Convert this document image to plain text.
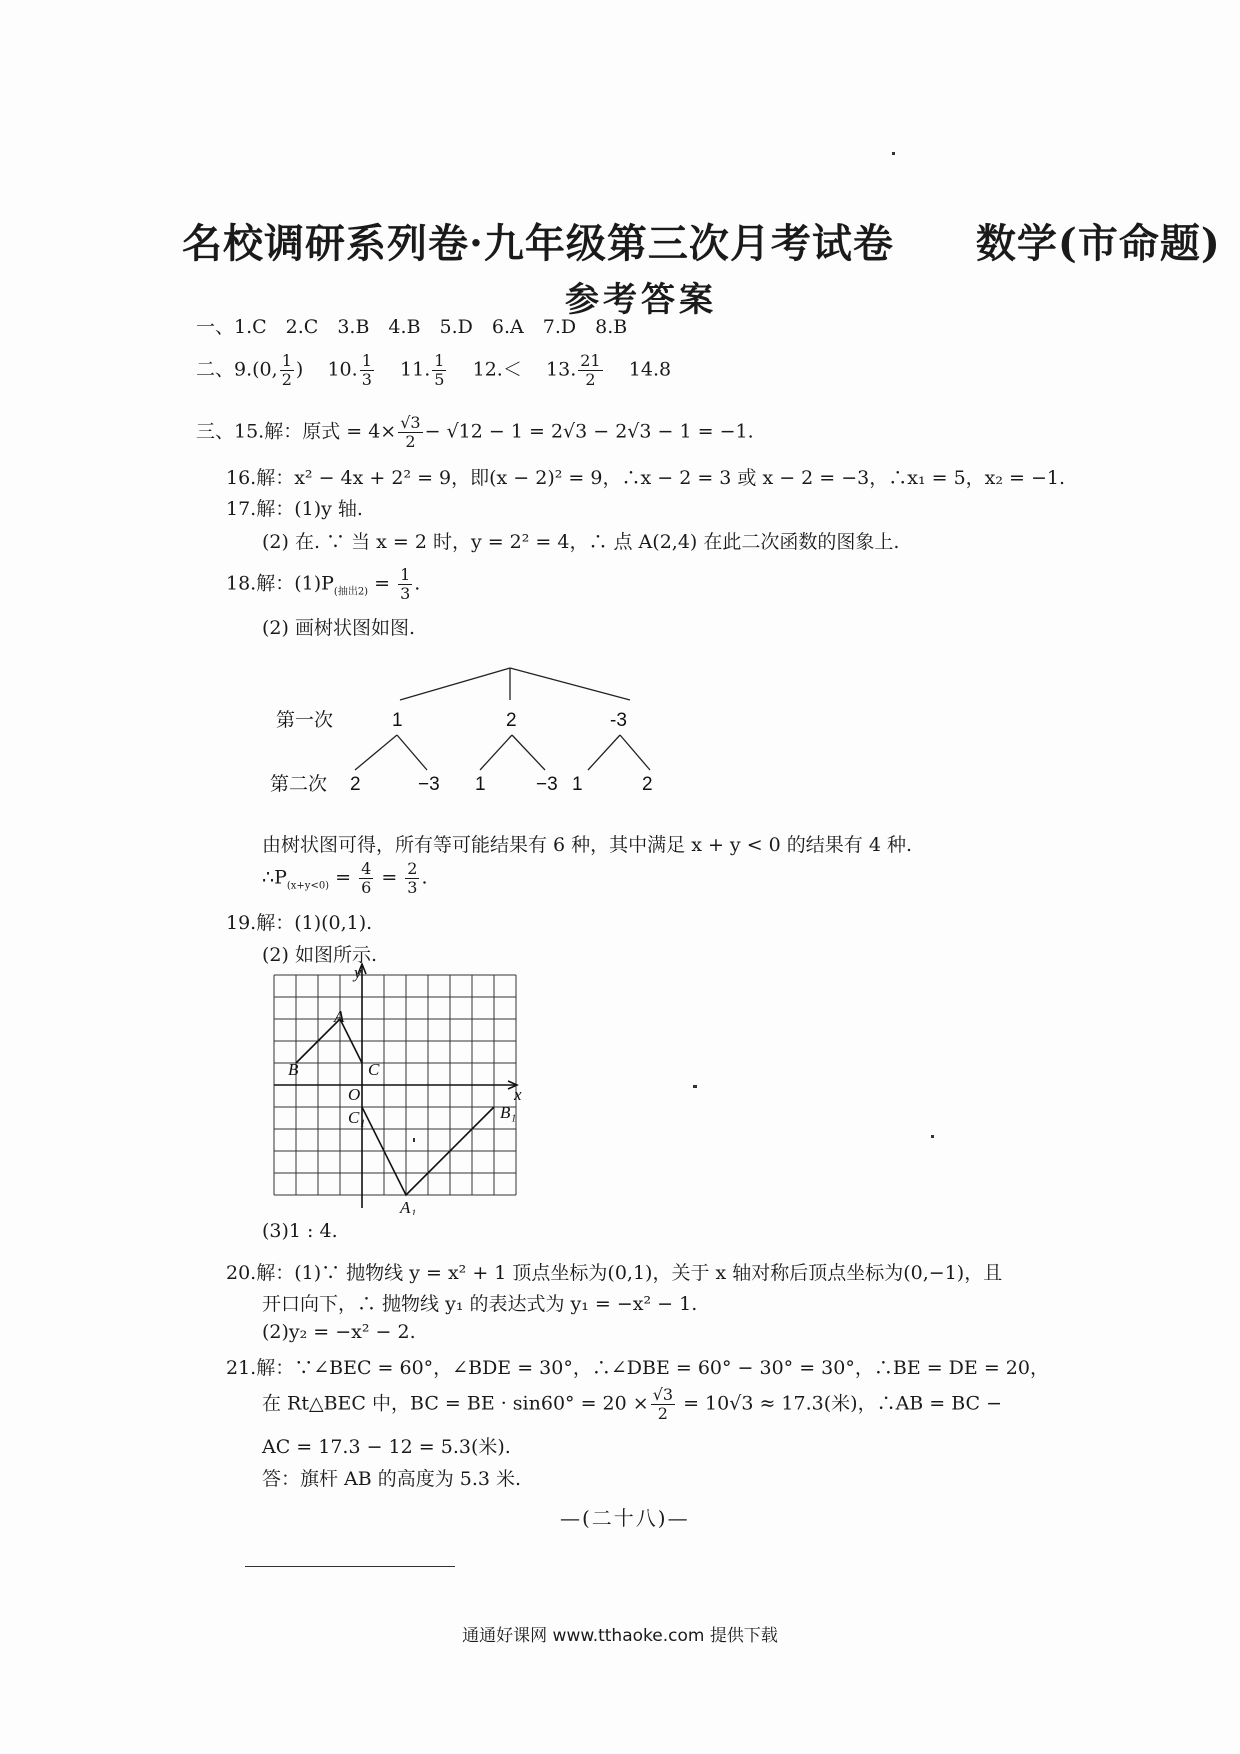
名校调研系列卷·九年级第三次月考试卷　　数学(市命题)
参考答案
一、1.C　2.C　3.B　4.B　5.D　6.A　7.D　8.B
二、9.(0, $\frac{1}{2}$ ) 10. $\frac{1}{3} 11$. $\frac{1}{5} 12.< 13$. $\frac{21}{2} 14.8$
三、15.解：原式 = $4\times \frac{√3}{2} - √12 - 1 = 2√3 - 2√3 - 1 = -1$.
16.解：x² − 4x + 2² = 9，即(x − 2)² = 9，∴x − 2 = 3 或 x − 2 = −3，∴x₁ = 5，x₂ = −1.
17.解：(1)y 轴.
(2) 在. ∵ 当 x = 2 时，y = 2² = 4，∴ 点 A(2,4) 在此二次函数的图象上.
18.解：$(1)P_{(抽出2)} = \frac{1}{3}$ .
(2) 画树状图如图.
第一次	1	2	-3
第二次 2	−3 1	−3 1	2
由树状图可得，所有等可能结果有 6 种，其中满足 x + y < 0 的结果有 4 种.
$\therefore P_{(x+y<0)} = \frac{4}{6} = \frac{2}{3}$ .
19.解：(1)(0,1).
(2) 如图所示.
y
x
A
B	C
O
C₁	B₁
A₁
(3)1 : 4.
20.解：(1)∵ 抛物线 y = x² + 1 顶点坐标为(0,1)，关于 x 轴对称后顶点坐标为(0,−1)，且
开口向下，∴ 抛物线 y₁ 的表达式为 y₁ = −x² − 1.
(2)y₂ = −x² − 2.
21.解：∵∠BEC = 60°，∠BDE = 30°，∴∠DBE = 60° − 30° = 30°，∴BE = DE = 20，
在 Rt△BEC 中，BC = BE · $\sin 60^\circ = 20 \times \frac{√3}{2} = 10√3 \approx 17.3$(米)，∴AB = BC −
AC = 17.3 − 12 = 5.3(米).
答：旗杆 AB 的高度为 5.3 米.
—(二十八)—
通通好课网 www.tthaoke.com 提供下载
